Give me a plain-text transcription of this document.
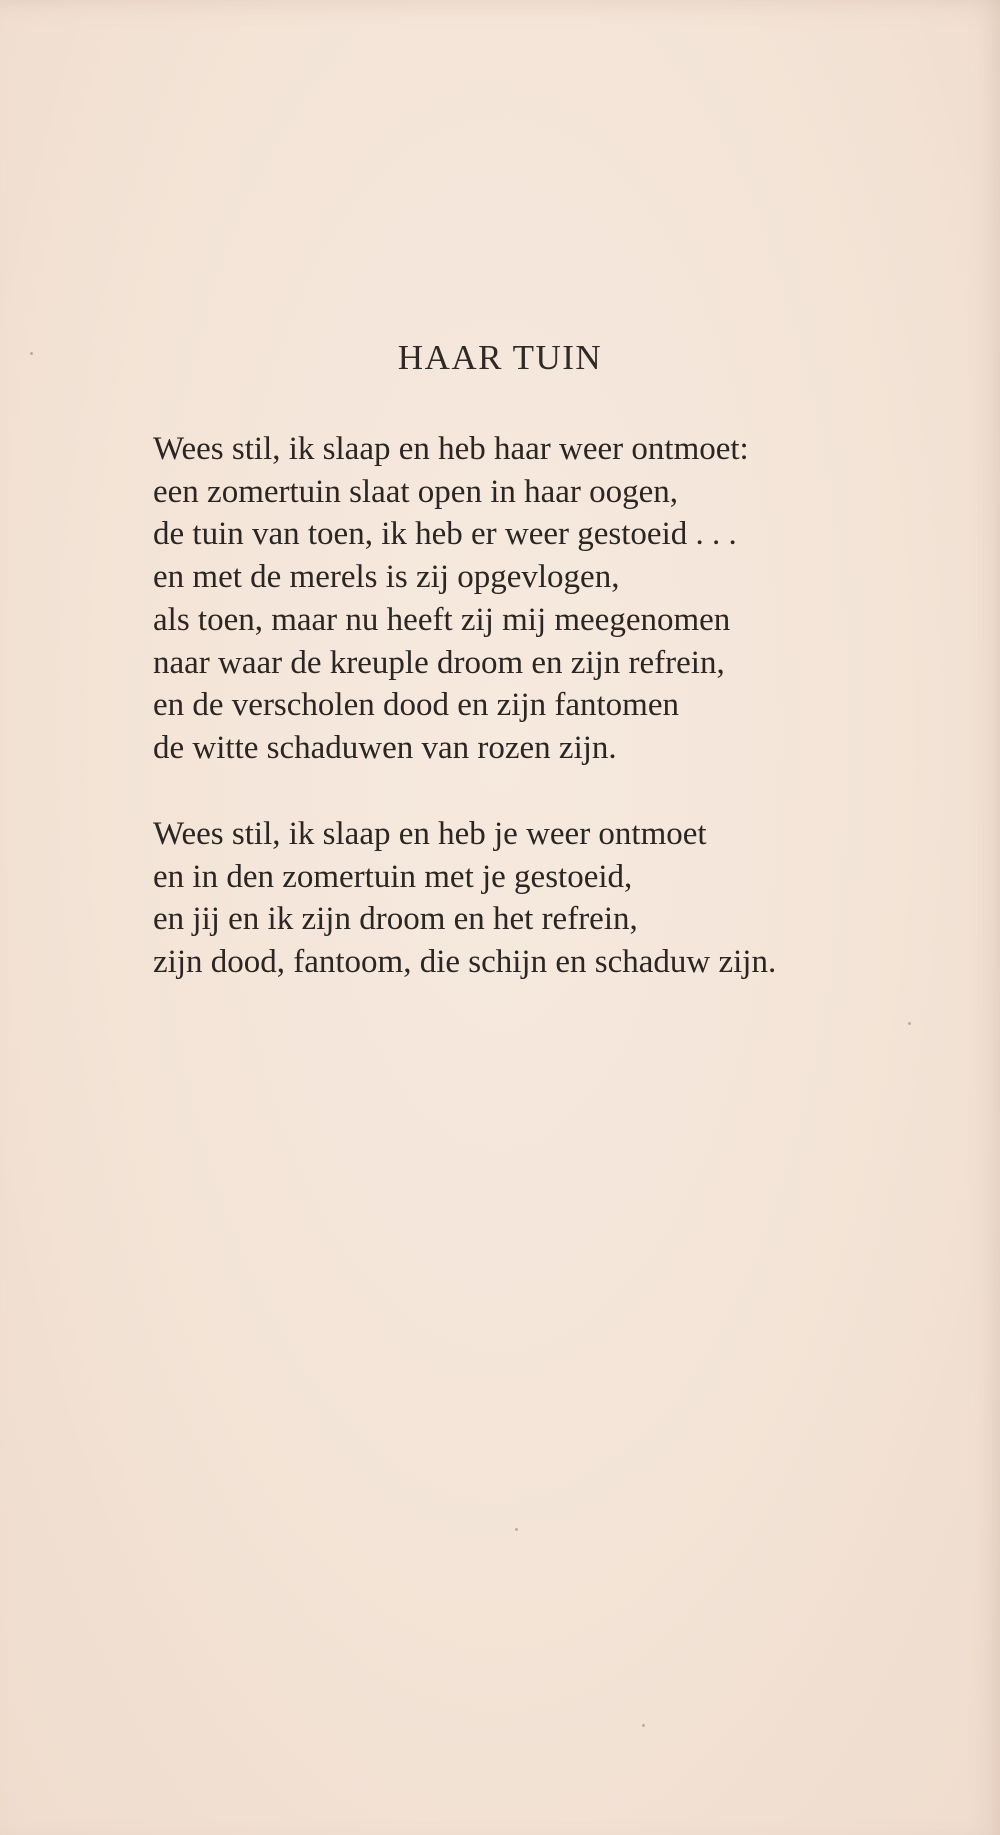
HAAR TUIN

Wees stil, ik slaap en heb haar weer ontmoet:
een zomertuin slaat open in haar oogen,
de tuin van toen, ik heb er weer gestoeid . . .
en met de merels is zij opgevlogen,
als toen, maar nu heeft zij mij meegenomen
naar waar de kreuple droom en zijn refrein,
en de verscholen dood en zijn fantomen
de witte schaduwen van rozen zijn.

Wees stil, ik slaap en heb je weer ontmoet
en in den zomertuin met je gestoeid,
en jij en ik zijn droom en het refrein,
zijn dood, fantoom, die schijn en schaduw zijn.
